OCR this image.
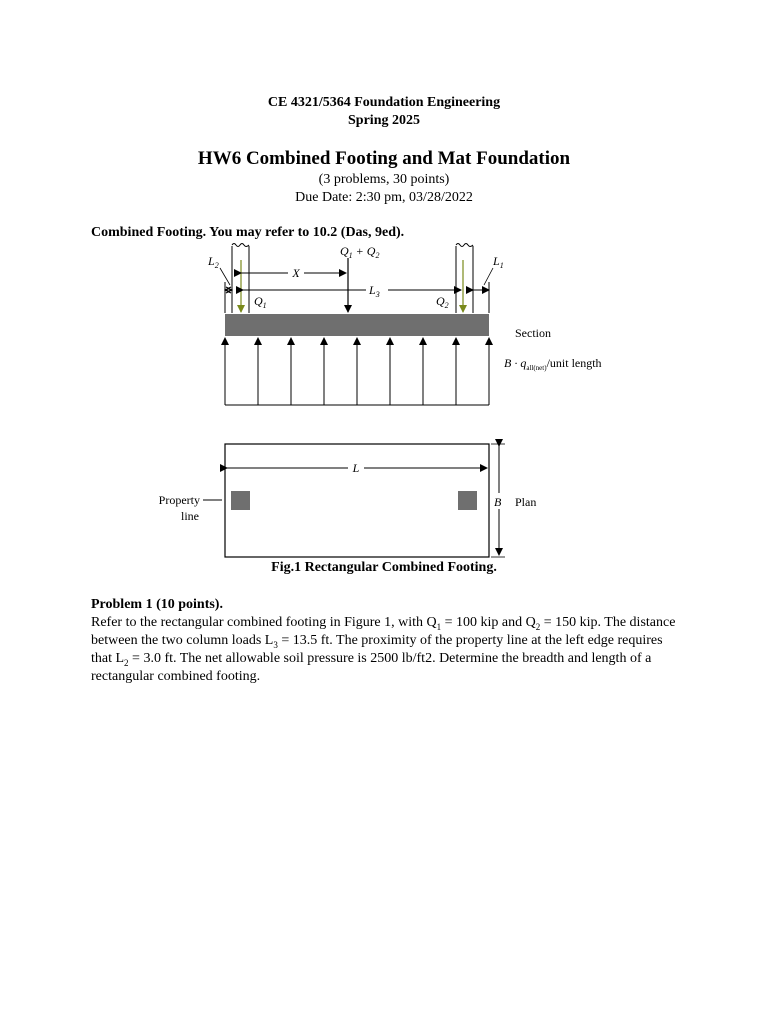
CE 4321/5364 Foundation Engineering
Spring 2025
HW6 Combined Footing and Mat Foundation
(3 problems, 30 points)
Due Date: 2:30 pm, 03/28/2022
Combined Footing. You may refer to 10.2 (Das, 9ed).
X
$L_3$
$L_2$	$L_1$
$Q_1 + Q_2$
$Q_1$	$Q_2$
Section
$B \cdot q_{all(net)}$/unit length
L
B Plan
Property
line
Fig.1 Rectangular Combined Footing.
Problem 1 (10 points).
Refer to the rectangular combined footing in Figure 1, with $Q_1 = 100$ kip and $Q_2 = 150$ kip. The distance between the two column loads $L_3 = 13.5$ ft. The proximity of the property line at the left edge requires that $L_2 = 3.0$ ft. The net allowable soil pressure is 2500 lb/ft2. Determine the breadth and length of a rectangular combined footing.
